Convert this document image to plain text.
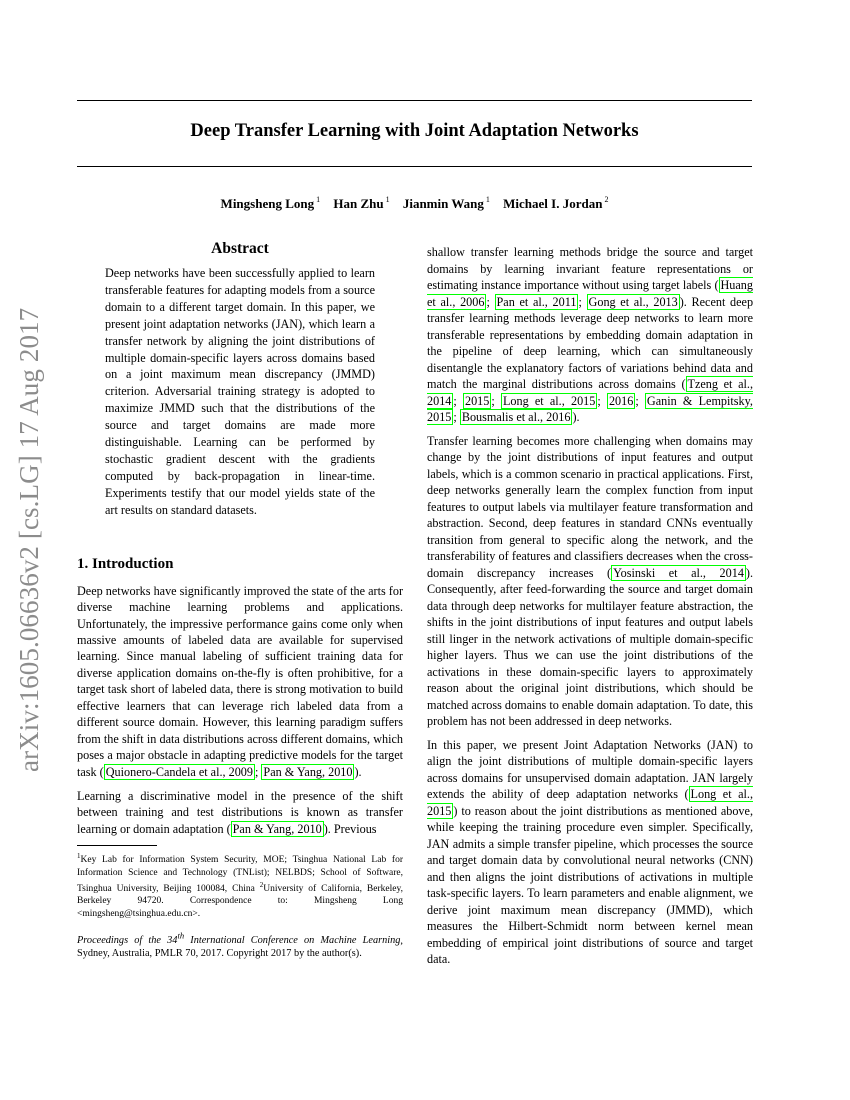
Deep Transfer Learning with Joint Adaptation Networks
Mingsheng Long $^1$ Han Zhu $^1$ Jianmin Wang $^1$ Michael I. Jordan $^2$
arXiv:1605.06636v2 [cs.LG] 17 Aug 2017
Abstract

Deep networks have been successfully applied to learn transferable features for adapting models from a source domain to a different target domain. In this paper, we present joint adaptation networks (JAN), which learn a transfer network by aligning the joint distributions of multiple domain-specific layers across domains based on a joint maximum mean discrepancy (JMMD) criterion. Adversarial training strategy is adopted to maximize JMMD such that the distributions of the source and target domains are made more distinguishable. Learning can be performed by stochastic gradient descent with the gradients computed by back-propagation in linear-time. Experiments testify that our model yields state of the art results on standard datasets.

1. Introduction

Deep networks have significantly improved the state of the arts for diverse machine learning problems and applications. Unfortunately, the impressive performance gains come only when massive amounts of labeled data are available for supervised learning. Since manual labeling of sufficient training data for diverse application domains on-the-fly is often prohibitive, for a target task short of labeled data, there is strong motivation to build effective learners that can leverage rich labeled data from a different source domain. However, this learning paradigm suffers from the shift in data distributions across different domains, which poses a major obstacle in adapting predictive models for the target task ( Quionero-Candela et al., 2009 ; Pan & Yang, 2010 ).

Learning a discriminative model in the presence of the shift between training and test distributions is known as transfer learning or domain adaptation ( Pan & Yang, 2010 ). Previous

$^1$Key Lab for Information System Security, MOE; Tsinghua National Lab for Information Science and Technology (TNList); NELBDS; School of Software, Tsinghua University, Beijing 100084, China $^2$University of California, Berkeley, Berkeley 94720. Correspondence to: Mingsheng Long <mingsheng@tsinghua.edu.cn>.

Proceedings of the 34th International Conference on Machine Learning, Sydney, Australia, PMLR 70, 2017. Copyright 2017 by the author(s).

shallow transfer learning methods bridge the source and target domains by learning invariant feature representations or estimating instance importance without using target labels ( Huang et al., 2006 ; Pan et al., 2011 ; Gong et al., 2013 ). Recent deep transfer learning methods leverage deep networks to learn more transferable representations by embedding domain adaptation in the pipeline of deep learning, which can simultaneously disentangle the explanatory factors of variations behind data and match the marginal distributions across domains ( Tzeng et al., 2014 ; 2015 ; Long et al., 2015 ; 2016 ; Ganin & Lempitsky, 2015 ; Bousmalis et al., 2016 ).

Transfer learning becomes more challenging when domains may change by the joint distributions of input features and output labels, which is a common scenario in practical applications. First, deep networks generally learn the complex function from input features to output labels via multilayer feature transformation and abstraction. Second, deep features in standard CNNs eventually transition from general to specific along the network, and the transferability of features and classifiers decreases when the cross-domain discrepancy increases ( Yosinski et al., 2014 ). Consequently, after feed-forwarding the source and target domain data through deep networks for multilayer feature abstraction, the shifts in the joint distributions of input features and output labels still linger in the network activations of multiple domain-specific higher layers. Thus we can use the joint distributions of the activations in these domain-specific layers to approximately reason about the original joint distributions, which should be matched across domains to enable domain adaptation. To date, this problem has not been addressed in deep networks.

In this paper, we present Joint Adaptation Networks (JAN) to align the joint distributions of multiple domain-specific layers across domains for unsupervised domain adaptation. JAN largely extends the ability of deep adaptation networks ( Long et al., 2015 ) to reason about the joint distributions as mentioned above, while keeping the training procedure even simpler. Specifically, JAN admits a simple transfer pipeline, which processes the source and target domain data by convolutional neural networks (CNN) and then aligns the joint distributions of activations in multiple task-specific layers. To learn parameters and enable alignment, we derive joint maximum mean discrepancy (JMMD), which measures the Hilbert-Schmidt norm between kernel mean embedding of empirical joint distributions of source and target data.
